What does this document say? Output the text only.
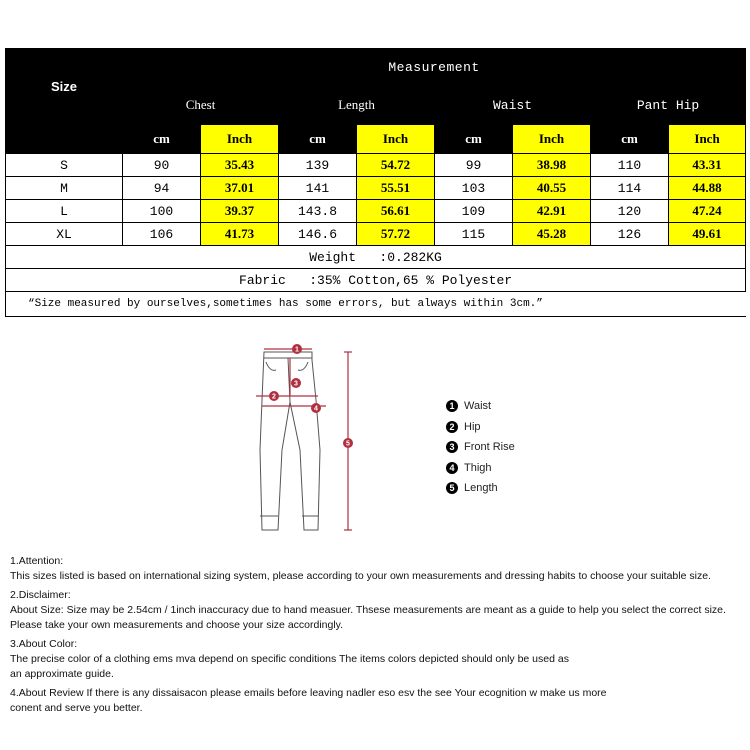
Size	Measurement							
	Chest		Length		Waist		Pant Hip	
	cm	Inch	cm	Inch	cm	Inch	cm	Inch
S	90	35.43	139	54.72	99	38.98	110	43.31
M	94	37.01	141	55.51	103	40.55	114	44.88
L	100	39.37	143.8	56.61	109	42.91	120	47.24
XL	106	41.73	146.6	57.72	115	45.28	126	49.61
Weight   :0.282KG								
Fabric   :35% Cotton,65 % Polyester								
“Size measured by ourselves,sometimes has some errors, but always within 3cm.”								
1
2
3
4
5
1 Waist
2 Hip
3 Front Rise
4 Thigh
5 Length

1.Attention:

This sizes listed is based on international sizing system, please according to your own measurements and dressing habits to choose your suitable size.

2.Disclaimer:

About Size: Size may be 2.54cm / 1inch inaccuracy due to hand measuer. Thsese measurements are meant as a guide to help you select the correct size.

Please take your own measurements and choose your size accordingly.

3.About Color:

The precise color of a clothing ems mva depend on specific conditions The items colors depicted should only be used as

an approximate guide.

4.About Review If there is any dissaisacon please emails before leaving nadler eso esv the see Your ecognition w make us more

conent and serve you better.
